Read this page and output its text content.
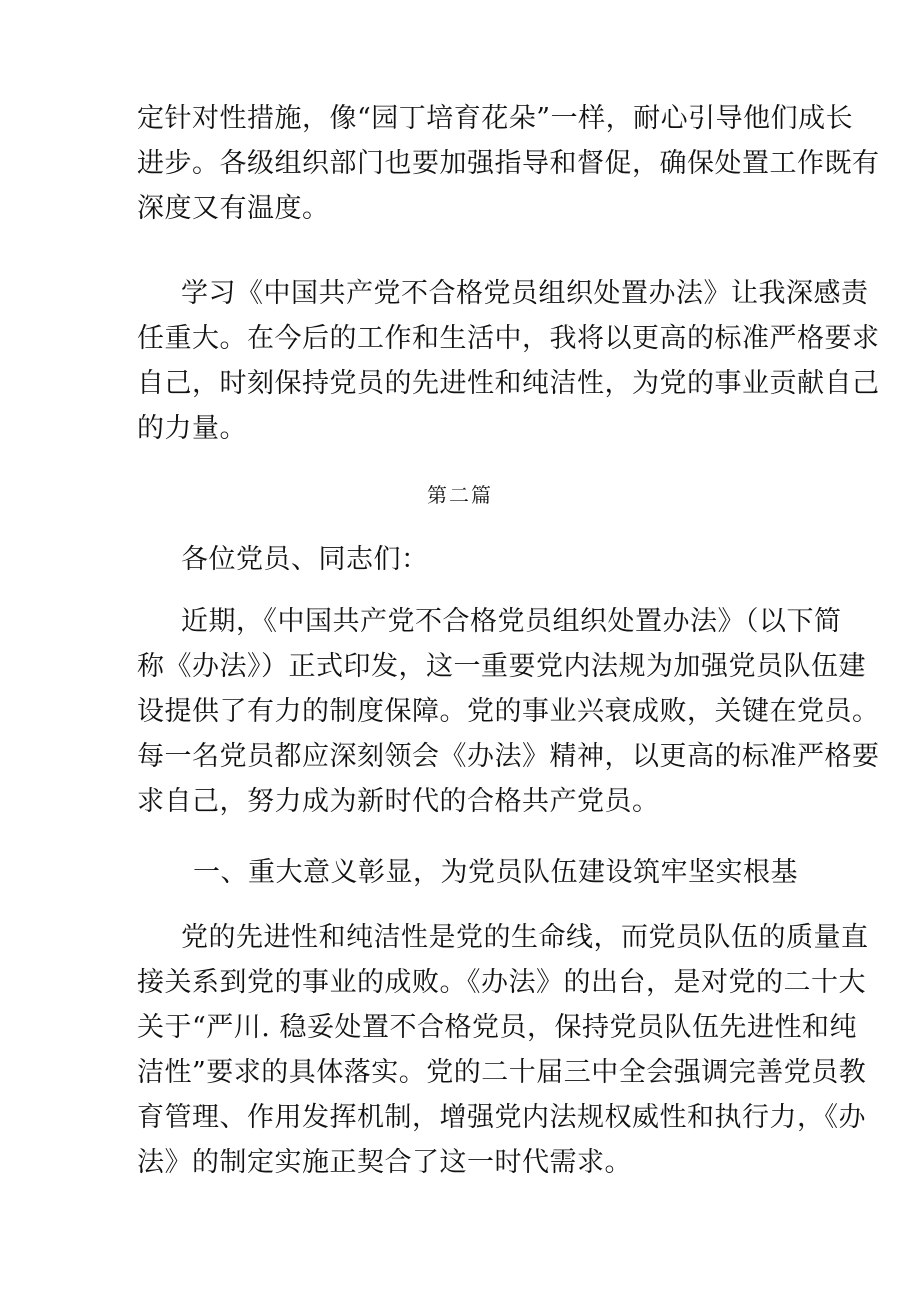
定针对性措施，像“园丁培育花朵”一样，耐心引导他们成长
进步。各级组织部门也要加强指导和督促，确保处置工作既有
深度又有温度。
学习《中国共产党不合格党员组织处置办法》让我深感责
任重大。在今后的工作和生活中，我将以更高的标准严格要求
自己，时刻保持党员的先进性和纯洁性，为党的事业贡献自己
的力量。
第二篇
各位党员、同志们：
近期，《中国共产党不合格党员组织处置办法》（以下简
称《办法》）正式印发，这一重要党内法规为加强党员队伍建
设提供了有力的制度保障。党的事业兴衰成败，关键在党员。
每一名党员都应深刻领会《办法》精神，以更高的标准严格要
求自己，努力成为新时代的合格共产党员。
一、重大意义彰显，为党员队伍建设筑牢坚实根基
党的先进性和纯洁性是党的生命线，而党员队伍的质量直
接关系到党的事业的成败。《办法》的出台，是对党的二十大
关于“严川. 稳妥处置不合格党员，保持党员队伍先进性和纯
洁性”要求的具体落实。党的二十届三中全会强调完善党员教
育管理、作用发挥机制，增强党内法规权威性和执行力，《办
法》的制定实施正契合了这一时代需求。
